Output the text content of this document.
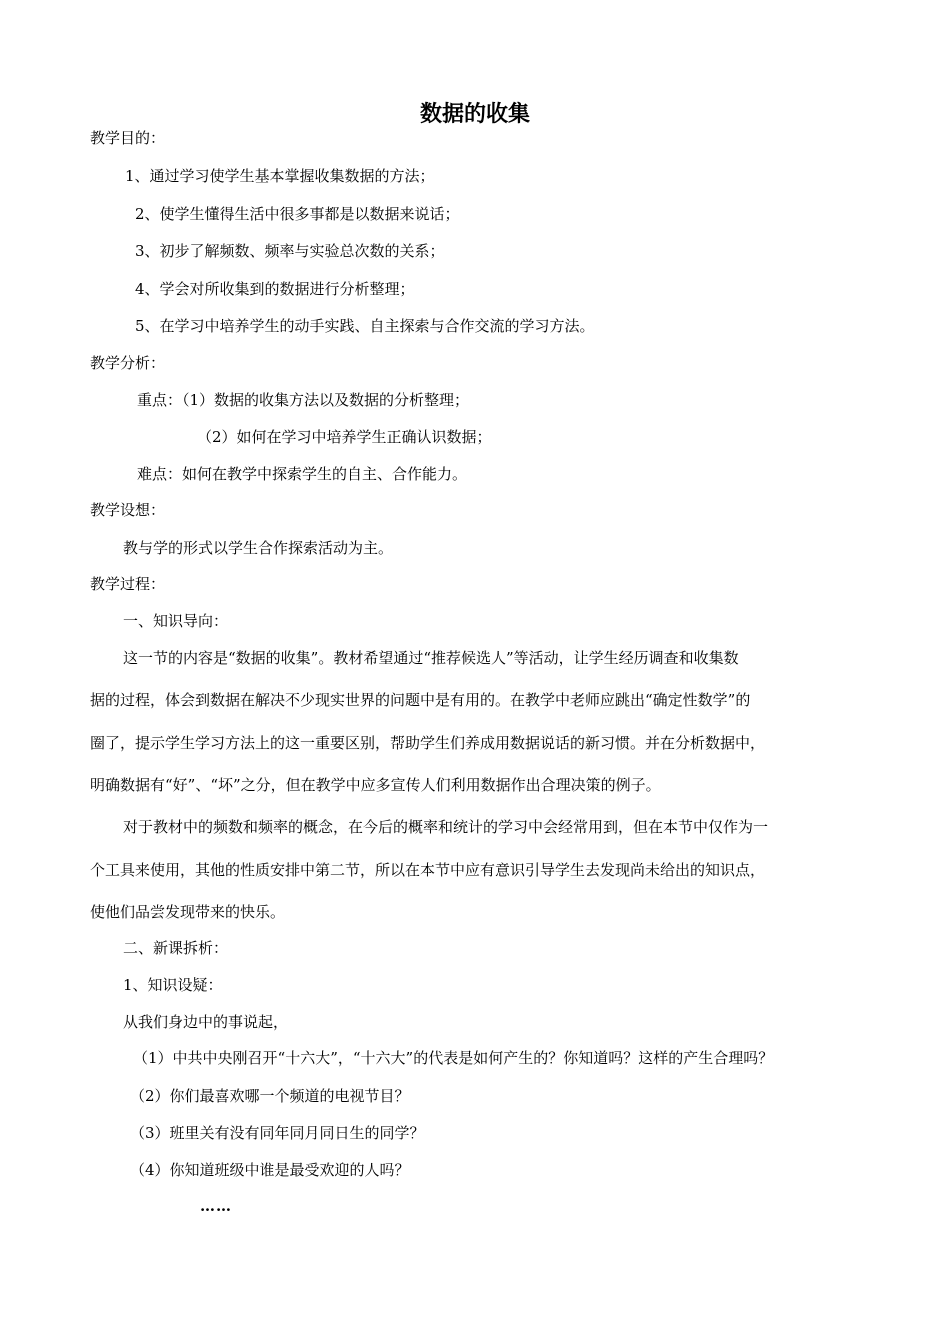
数据的收集

教学目的：

1、通过学习使学生基本掌握收集数据的方法；

2、使学生懂得生活中很多事都是以数据来说话；

3、初步了解频数、频率与实验总次数的关系；

4、学会对所收集到的数据进行分析整理；

5、在学习中培养学生的动手实践、自主探索与合作交流的学习方法。

教学分析：

重点：（1）数据的收集方法以及数据的分析整理；

（2）如何在学习中培养学生正确认识数据；

难点：如何在教学中探索学生的自主、合作能力。

教学设想：

教与学的形式以学生合作探索活动为主。

教学过程：

一、知识导向：

这一节的内容是“数据的收集”。教材希望通过“推荐候选人”等活动，让学生经历调查和收集数

据的过程，体会到数据在解决不少现实世界的问题中是有用的。在教学中老师应跳出“确定性数学”的

圈了，提示学生学习方法上的这一重要区别，帮助学生们养成用数据说话的新习惯。并在分析数据中，

明确数据有“好”、“坏”之分，但在教学中应多宣传人们利用数据作出合理决策的例子。

对于教材中的频数和频率的概念，在今后的概率和统计的学习中会经常用到，但在本节中仅作为一

个工具来使用，其他的性质安排中第二节，所以在本节中应有意识引导学生去发现尚未给出的知识点，

使他们品尝发现带来的快乐。

二、新课拆析：

1、知识设疑：

从我们身边中的事说起，

（1）中共中央刚召开“十六大”，“十六大”的代表是如何产生的？你知道吗？这样的产生合理吗？

（2）你们最喜欢哪一个频道的电视节目？

（3）班里关有没有同年同月同日生的同学？

（4）你知道班级中谁是最受欢迎的人吗？

……
